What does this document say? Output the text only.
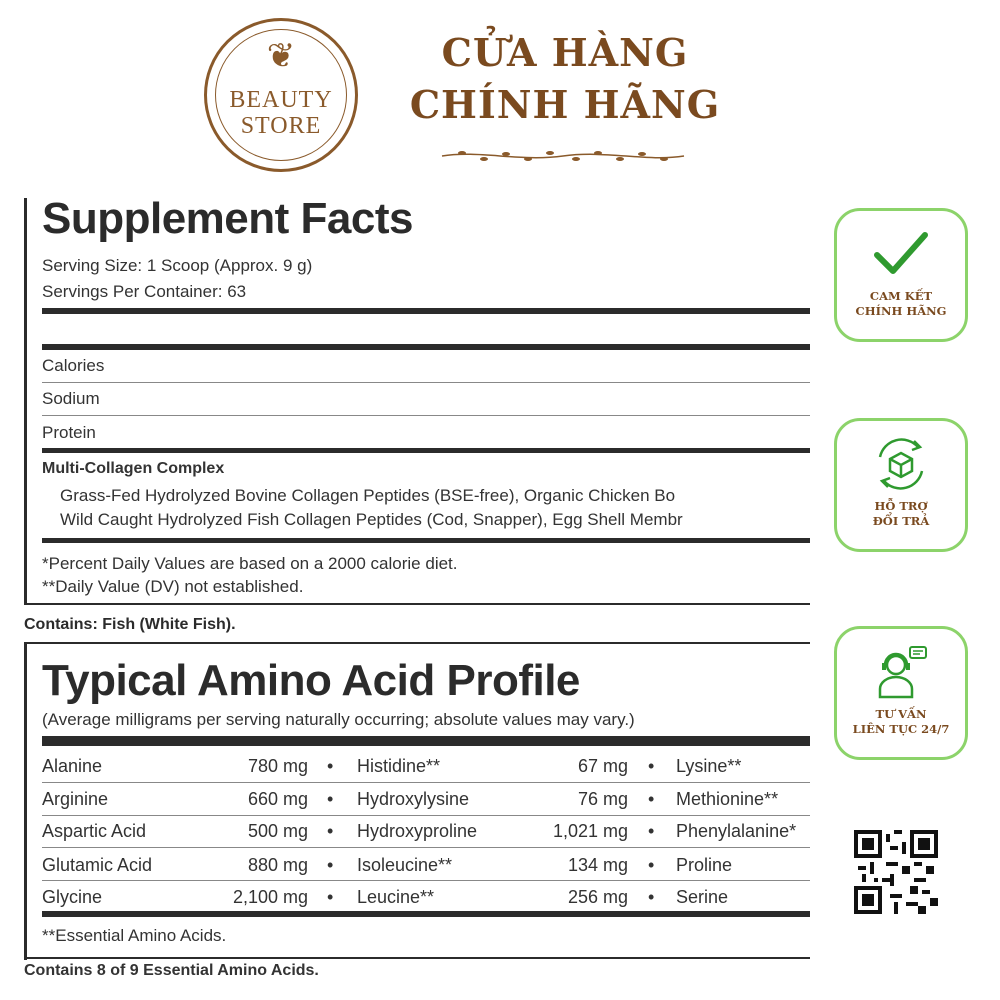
❦
BEAUTY
STORE
CỬA HÀNG
CHÍNH HÃNG
Supplement Facts
Serving Size: 1 Scoop (Approx. 9 g)
Servings Per Container: 63
Calories
Sodium
Protein
Multi-Collagen Complex
Grass-Fed Hydrolyzed Bovine Collagen Peptides (BSE-free), Organic Chicken Bo
Wild Caught Hydrolyzed Fish Collagen Peptides (Cod, Snapper), Egg Shell Membr
*Percent Daily Values are based on a 2000 calorie diet.
**Daily Value (DV) not established.
Contains: Fish (White Fish).
Typical Amino Acid Profile
(Average milligrams per serving naturally occurring; absolute values may vary.)
Alanine	780 mg • Histidine**	67 mg • Lysine**
Arginine	660 mg • Hydroxylysine	76 mg • Methionine**
Aspartic Acid	500 mg • Hydroxyproline	1,021 mg • Phenylalanine*
Glutamic Acid	880 mg • Isoleucine**	134 mg • Proline
Glycine	2,100 mg • Leucine**	256 mg • Serine
**Essential Amino Acids.
Contains 8 of 9 Essential Amino Acids.
CAM KẾT
CHÍNH HÃNG
HỖ TRỢ
ĐỔI TRẢ
TƯ VẤN
LIÊN TỤC 24/7
